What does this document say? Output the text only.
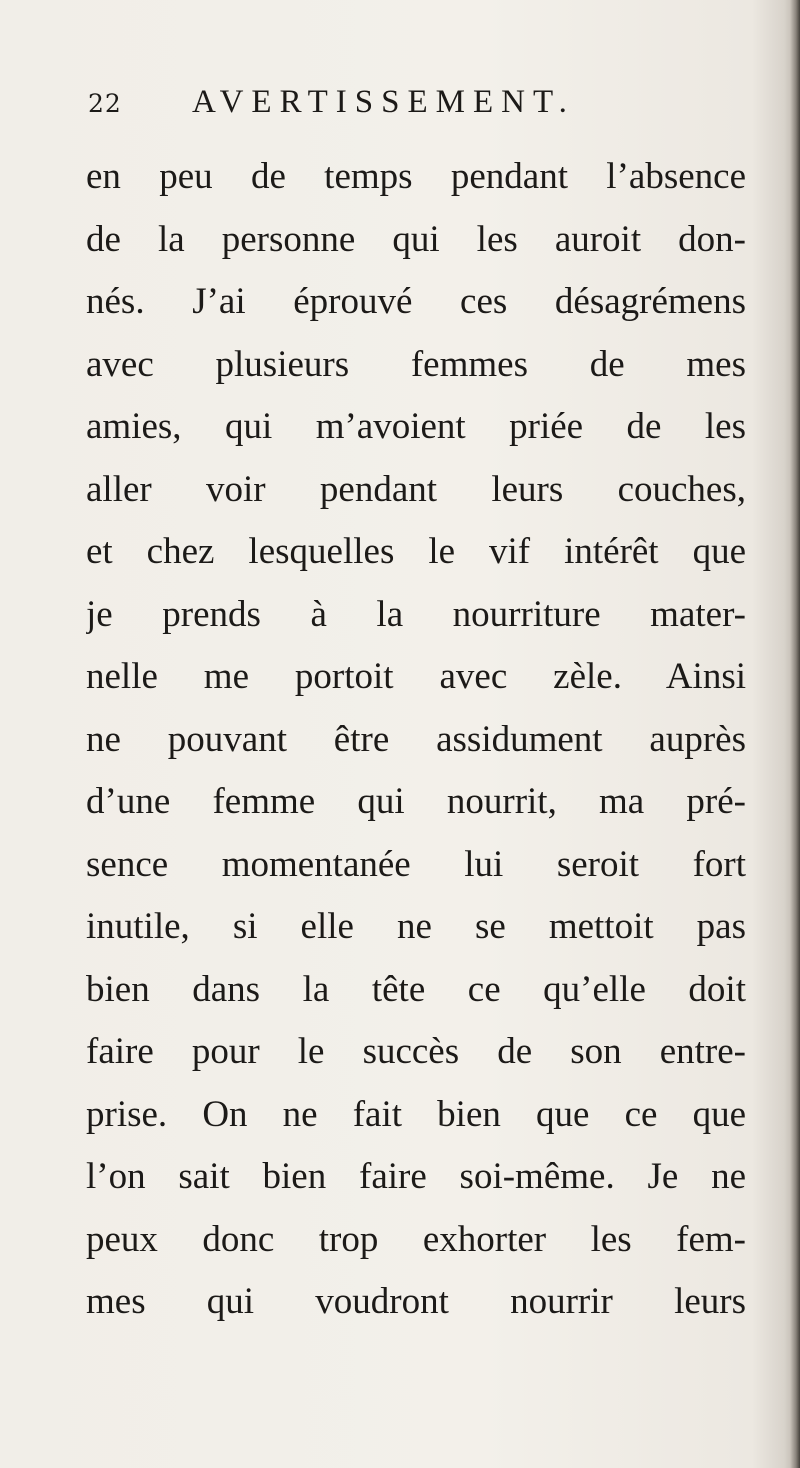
22	AVERTISSEMENT.
en peu de temps pendant l’absence
de la personne qui les auroit don-
nés. J’ai éprouvé ces désagrémens
avec plusieurs femmes de mes
amies, qui m’avoient priée de les
aller voir pendant leurs couches,
et chez lesquelles le vif intérêt que
je prends à la nourriture mater-
nelle me portoit avec zèle. Ainsi
ne pouvant être assidument auprès
d’une femme qui nourrit, ma pré-
sence momentanée lui seroit fort
inutile, si elle ne se mettoit pas
bien dans la tête ce qu’elle doit
faire pour le succès de son entre-
prise. On ne fait bien que ce que
l’on sait bien faire soi-même. Je ne
peux donc trop exhorter les fem-
mes qui voudront nourrir leurs
